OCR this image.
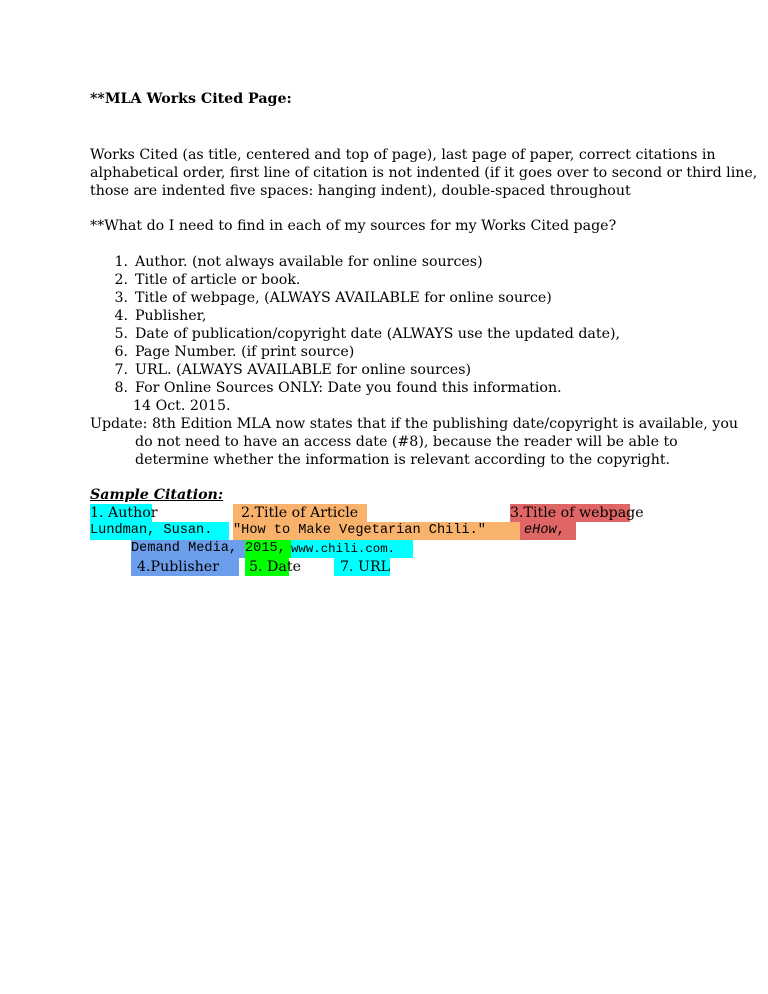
**MLA Works Cited Page:
Works Cited (as title, centered and top of page), last page of paper, correct citations in
alphabetical order, first line of citation is not indented (if it goes over to second or third line,
those are indented five spaces: hanging indent), double-spaced throughout
**What do I need to find in each of my sources for my Works Cited page?
1. Author. (not always available for online sources)
2. Title of article or book.
3. Title of webpage, (ALWAYS AVAILABLE for online source)
4. Publisher,
5. Date of publication/copyright date (ALWAYS use the updated date),
6. Page Number. (if print source)
7. URL. (ALWAYS AVAILABLE for online sources)
8. For Online Sources ONLY: Date you found this information.
14 Oct. 2015.
Update: 8th Edition MLA now states that if the publishing date/copyright is available, you
do not need to have an access date (#8), because the reader will be able to
determine whether the information is relevant according to the copyright.
Sample Citation:
1. Author	2.Title of Article	3.Title of webpage
Lundman, Susan.	"How to Make Vegetarian Chili."	eHow,
Demand Media, 2015, www.chili.com.
4.Publisher	5. Date	7. URL
